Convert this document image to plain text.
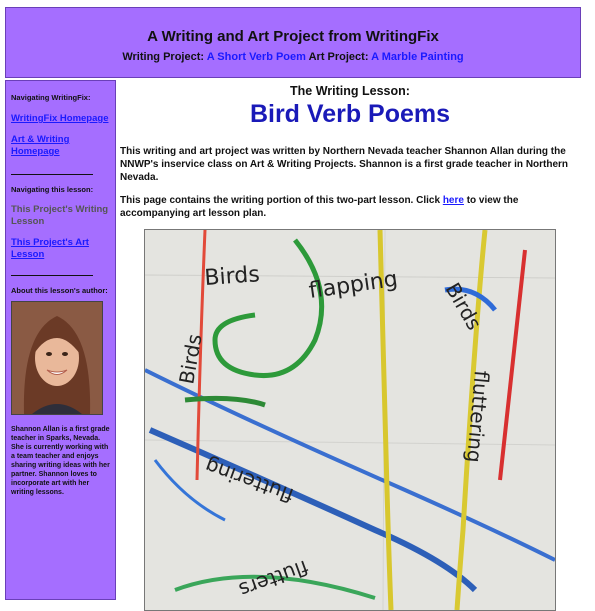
A Writing and Art Project from WritingFix
Writing Project: A Short Verb Poem Art Project: A Marble Painting
Navigating WritingFix:
WritingFix Homepage
Art & Writing Homepage
Navigating this lesson:
This Project's Writing Lesson
This Project's Art Lesson
About this lesson's author:
Shannon Allan is a first grade teacher in Sparks, Nevada. She is currently working with a team teacher and enjoys sharing writing ideas with her partner. Shannon loves to incorporate art with her writing lessons.
The Writing Lesson:
Bird Verb Poems
This writing and art project was written by Northern Nevada teacher Shannon Allan during the NNWP's inservice class on Art & Writing Projects. Shannon is a first grade teacher in Northern Nevada.
This page contains the writing portion of this two-part lesson. Click here to view the accompanying art lesson plan.
Birds flapping Birds
fluttering
fluttering
Birds
flutters
